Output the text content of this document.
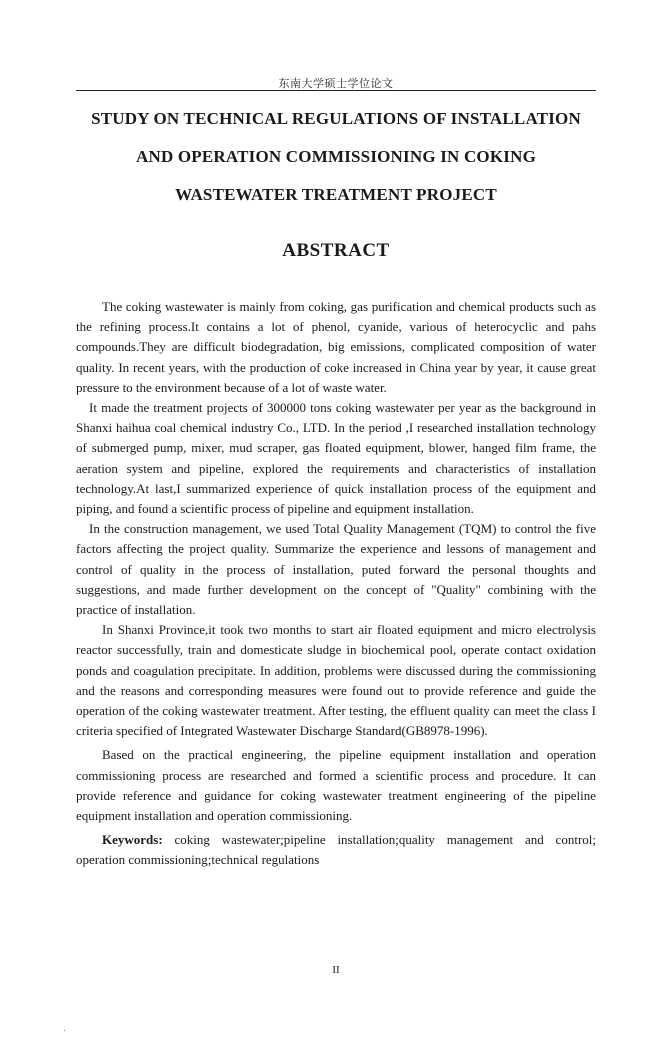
东南大学硕士学位论文
STUDY ON TECHNICAL REGULATIONS OF INSTALLATION
AND OPERATION COMMISSIONING IN COKING
WASTEWATER TREATMENT PROJECT
ABSTRACT

The coking wastewater is mainly from coking, gas purification and chemical products such as the refining process.It contains a lot of phenol, cyanide, various of heterocyclic and pahs compounds.They are difficult biodegradation, big emissions, complicated composition of water quality. In recent years, with the production of coke increased in China year by year, it cause great pressure to the environment because of a lot of waste water.

It made the treatment projects of 300000 tons coking wastewater per year as the background in Shanxi haihua coal chemical industry Co., LTD. In the period ,I researched installation technology of submerged pump, mixer, mud scraper, gas floated equipment, blower, hanged film frame, the aeration system and pipeline, explored the requirements and characteristics of installation technology.At last,I summarized experience of quick installation process of the equipment and piping, and found a scientific process of pipeline and equipment installation.

In the construction management, we used Total Quality Management (TQM) to control the five factors affecting the project quality. Summarize the experience and lessons of management and control of quality in the process of installation, puted forward the personal thoughts and suggestions, and made further development on the concept of "Quality" combining with the practice of installation.

In Shanxi Province,it took two months to start air floated equipment and micro electrolysis reactor successfully, train and domesticate sludge in biochemical pool, operate contact oxidation ponds and coagulation precipitate. In addition, problems were discussed during the commissioning and the reasons and corresponding measures were found out to provide reference and guide the operation of the coking wastewater treatment. After testing, the effluent quality can meet the class I criteria specified of Integrated Wastewater Discharge Standard(GB8978-1996).

Based on the practical engineering, the pipeline equipment installation and operation commissioning process are researched and formed a scientific process and procedure. It can provide reference and guidance for coking wastewater treatment engineering of the pipeline equipment installation and operation commissioning.

Keywords: coking wastewater;pipeline installation;quality management and control; operation commissioning;technical regulations

II
